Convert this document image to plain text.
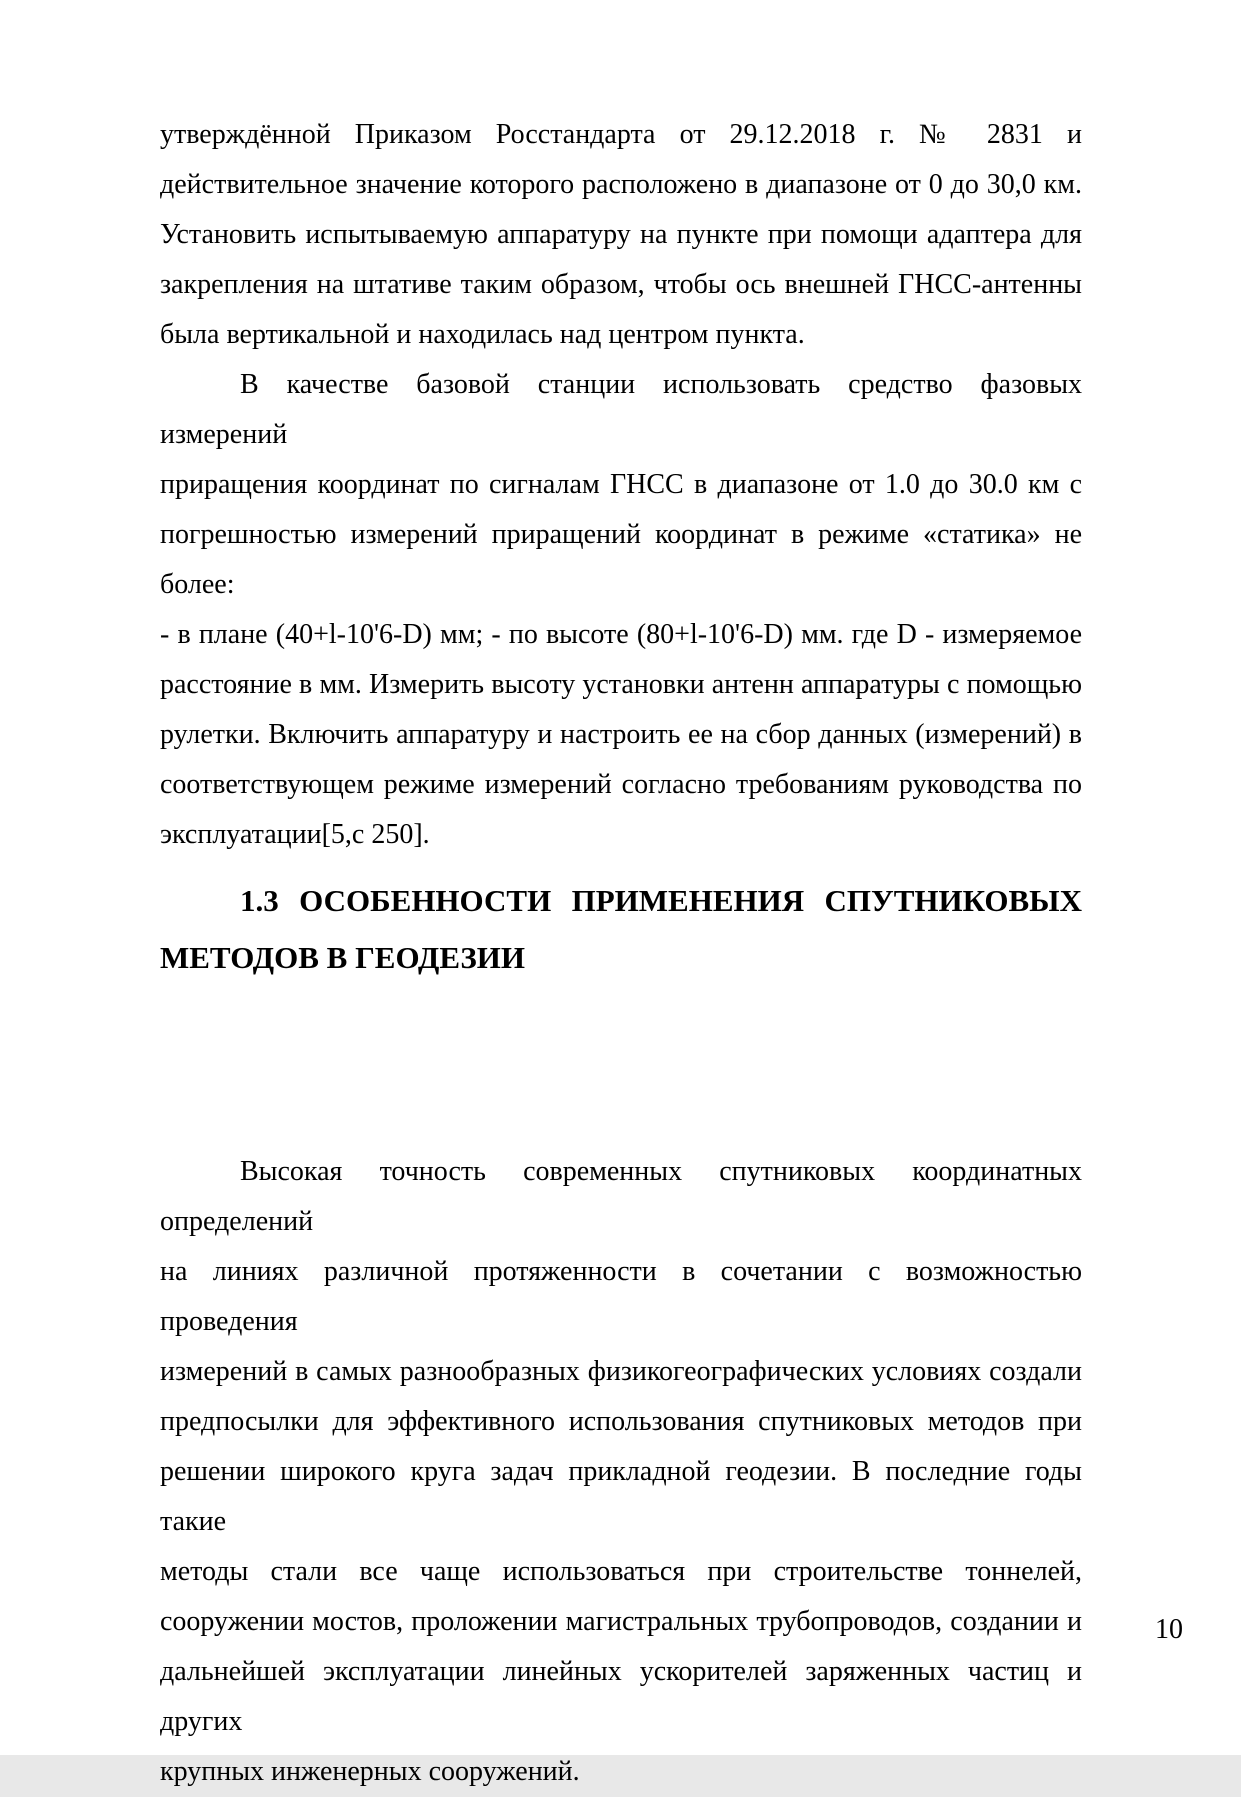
утверждённой Приказом Росстандарта от 29.12.2018 г. № 2831 и
действительное значение которого расположено в диапазоне от 0 до 30,0 км.
Установить испытываемую аппаратуру на пункте при помощи адаптера для
закрепления на штативе таким образом, чтобы ось внешней ГНСС-антенны
была вертикальной и находилась над центром пункта.
В качестве базовой станции использовать средство фазовых измерений
приращения координат по сигналам ГНСС в диапазоне от 1.0 до 30.0 км с
погрешностью измерений приращений координат в режиме «статика» не более:
- в плане (40+l-10'6-D) мм; - по высоте (80+l-10'6-D) мм. где D - измеряемое
расстояние в мм. Измерить высоту установки антенн аппаратуры с помощью
рулетки. Включить аппаратуру и настроить ее на сбор данных (измерений) в
соответствующем режиме измерений согласно требованиям руководства по
эксплуатации[5,с 250].
1.3 ОСОБЕННОСТИ ПРИМЕНЕНИЯ СПУТНИКОВЫХ
МЕТОДОВ В ГЕОДЕЗИИ
Высокая точность современных спутниковых координатных определений
на линиях различной протяженности в сочетании с возможностью проведения
измерений в самых разнообразных физикогеографических условиях создали
предпосылки для эффективного использования спутниковых методов при
решении широкого круга задач прикладной геодезии. В последние годы такие
методы стали все чаще использоваться при строительстве тоннелей,
сооружении мостов, проложении магистральных трубопроводов, создании и
дальнейшей эксплуатации линейных ускорителей заряженных частиц и других
крупных инженерных сооружений.
10
